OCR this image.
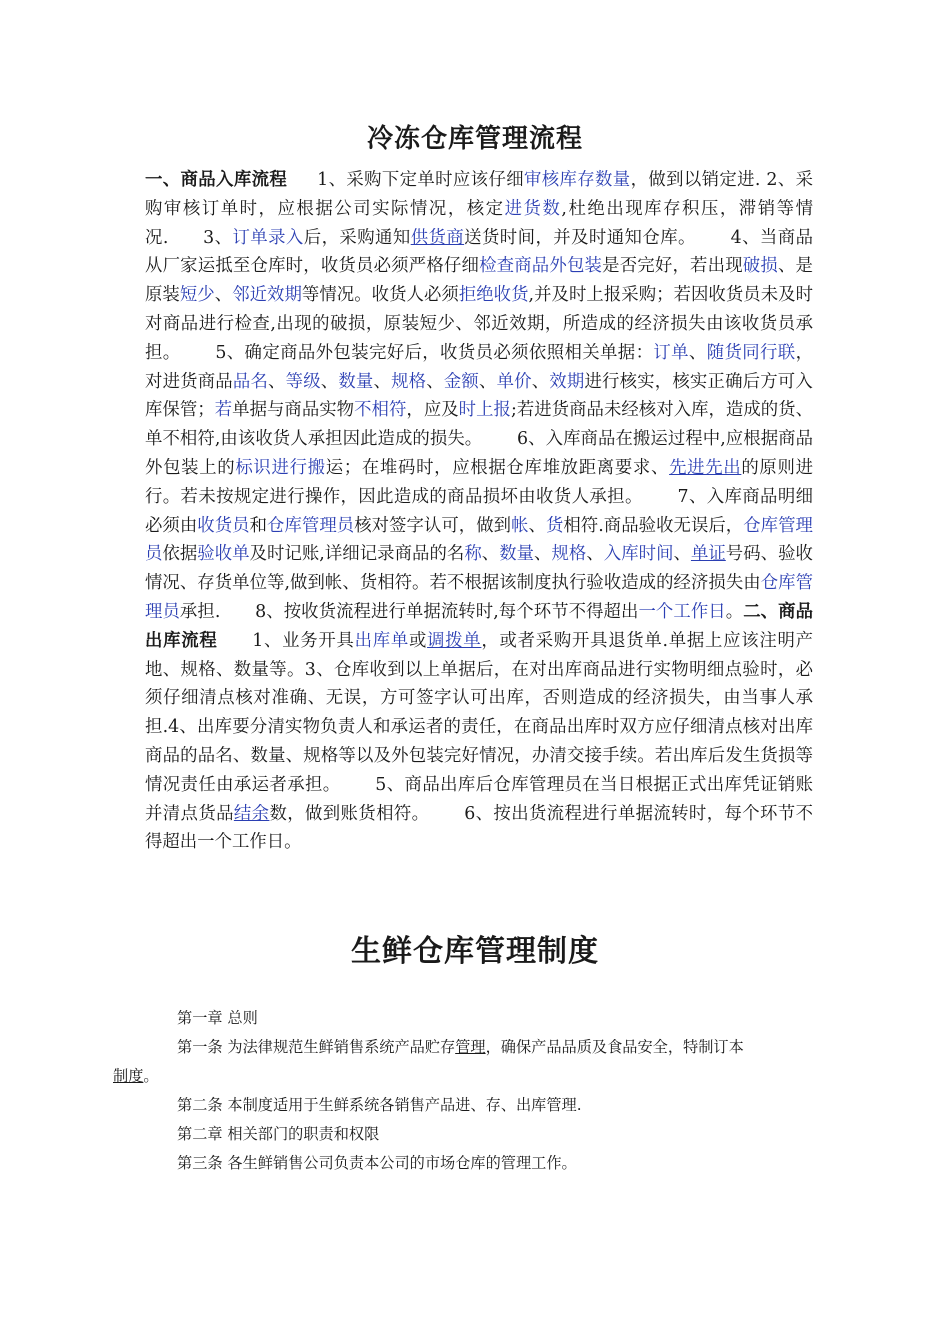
冷冻仓库管理流程
一、商品入库流程 1、采购下定单时应该仔细审核库存数量，做到以销定进. 2、采购审核订单时，应根据公司实际情况，核定进货数,杜绝出现库存积压，滞销等情况.  3、订单录入后，采购通知供货商送货时间，并及时通知仓库。  4、当商品从厂家运抵至仓库时，收货员必须严格仔细检查商品外包装是否完好，若出现破损、是原装短少、邻近效期等情况。收货人必须拒绝收货,并及时上报采购；若因收货员未及时对商品进行检查,出现的破损，原装短少、邻近效期，所造成的经济损失由该收货员承担。  5、确定商品外包装完好后，收货员必须依照相关单据：订单、随货同行联，对进货商品品名、等级、数量、规格、金额、单价、效期进行核实，核实正确后方可入库保管；若单据与商品实物不相符，应及时上报;若进货商品未经核对入库，造成的货、单不相符,由该收货人承担因此造成的损失。  6、入库商品在搬运过程中,应根据商品外包装上的标识进行搬运；在堆码时，应根据仓库堆放距离要求、先进先出的原则进行。若未按规定进行操作，因此造成的商品损坏由收货人承担。  7、入库商品明细必须由收货员和仓库管理员核对签字认可，做到帐、货相符.商品验收无误后，仓库管理员依据验收单及时记账,详细记录商品的名称、数量、规格、入库时间、单证号码、验收情况、存货单位等,做到帐、货相符。若不根据该制度执行验收造成的经济损失由仓库管理员承担.  8、按收货流程进行单据流转时,每个环节不得超出一个工作日。二、商品出库流程  1、业务开具出库单或调拨单，或者采购开具退货单.单据上应该注明产地、规格、数量等。3、仓库收到以上单据后，在对出库商品进行实物明细点验时，必须仔细清点核对准确、无误，方可签字认可出库，否则造成的经济损失，由当事人承担.4、出库要分清实物负责人和承运者的责任，在商品出库时双方应仔细清点核对出库商品的品名、数量、规格等以及外包装完好情况，办清交接手续。若出库后发生货损等情况责任由承运者承担。  5、商品出库后仓库管理员在当日根据正式出库凭证销账并清点货品结余数，做到账货相符。  6、按出货流程进行单据流转时，每个环节不得超出一个工作日。
生鲜仓库管理制度

第一章 总则

第一条 为法律规范生鲜销售系统产品贮存管理，确保产品品质及食品安全，特制订本
制度。

第二条 本制度适用于生鲜系统各销售产品进、存、出库管理.

第二章 相关部门的职责和权限

第三条 各生鲜销售公司负责本公司的市场仓库的管理工作。
